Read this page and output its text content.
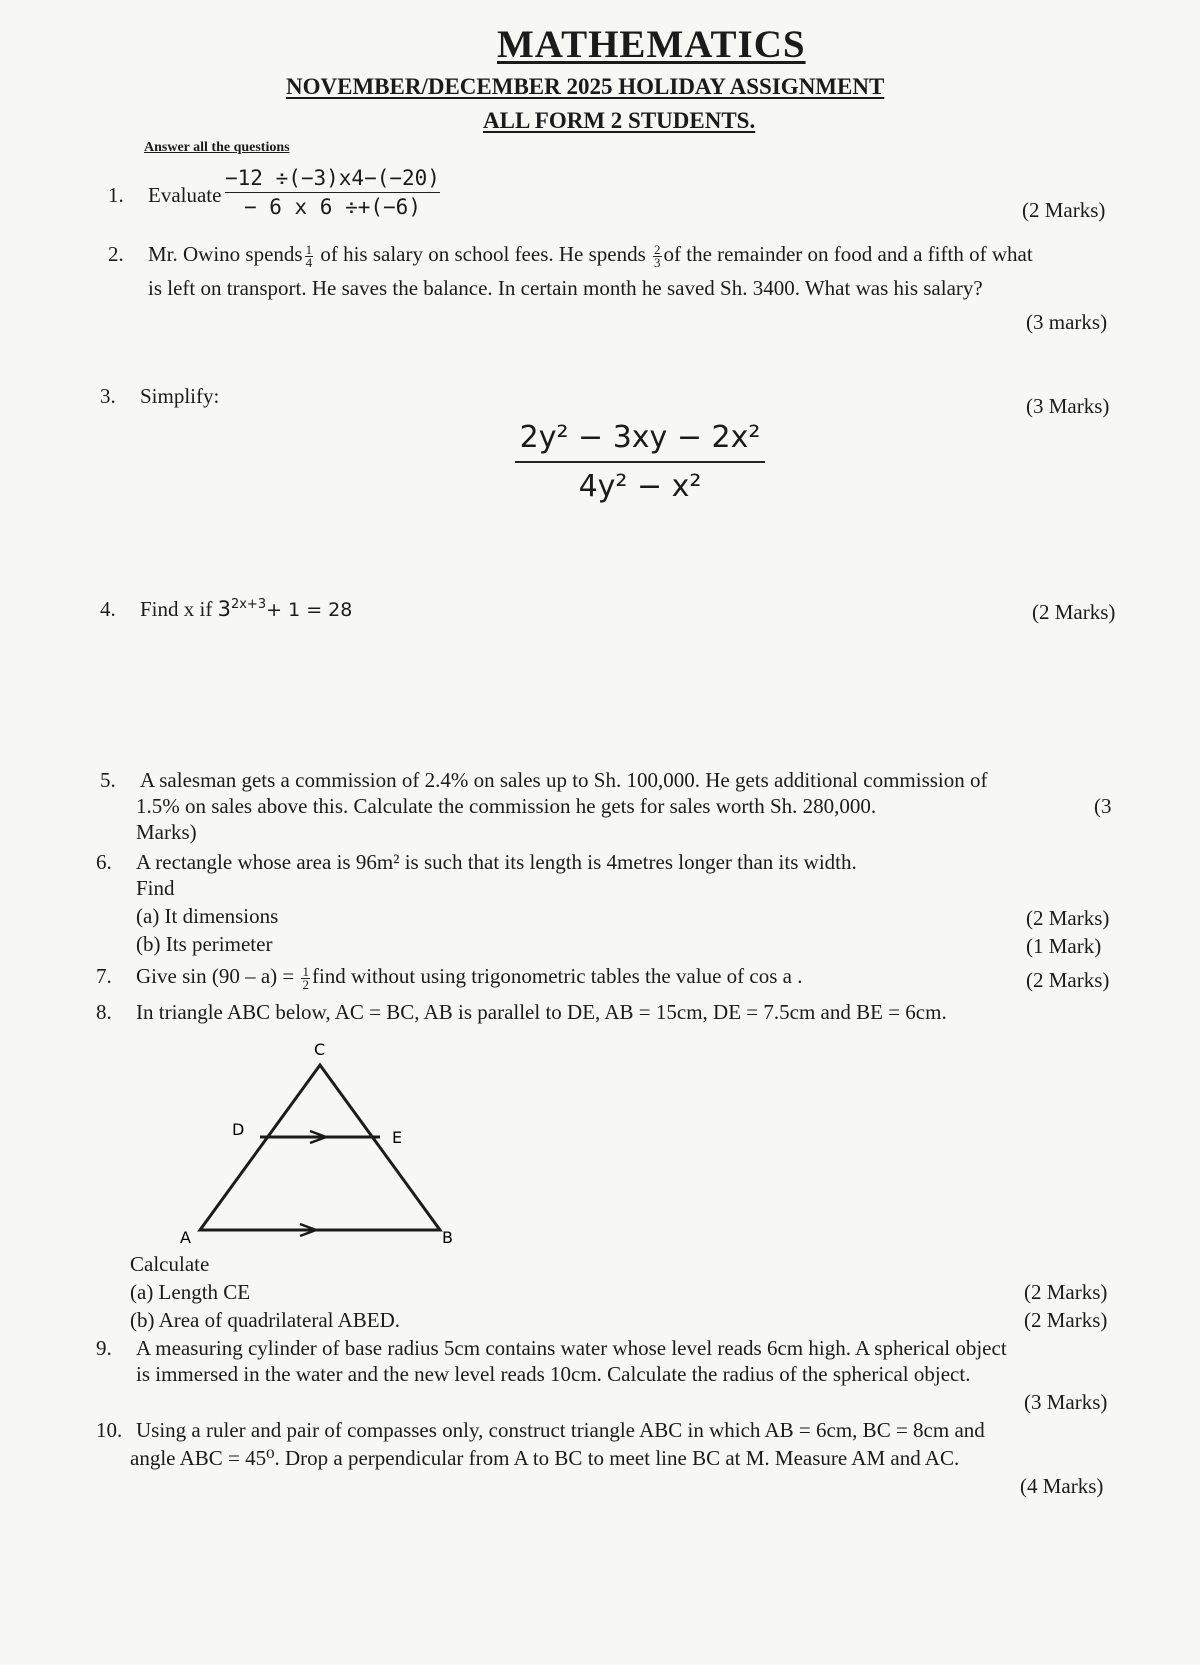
MATHEMATICS
NOVEMBER/DECEMBER 2025 HOLIDAY ASSIGNMENT
ALL FORM 2 STUDENTS.
Answer all the questions
1. Evaluate
−12 ÷(−3)x4−(−20)
− 6 x 6 ÷+(−6)	(2 Marks)
2. Mr. Owino spends $\frac{1}{4}$ of his salary on school fees. He spends $\frac{2}{3}$ of the remainder on food and a fifth of what
is left on transport. He saves the balance. In certain month he saved Sh. 3400. What was his salary?
(3 marks)
3. Simplify:	(3 Marks)
2y² − 3xy − 2x²
4y² − x²
4. Find x if $3^{2x+3}+ 1 = 28$	(2 Marks)
5. A salesman gets a commission of 2.4% on sales up to Sh. 100,000. He gets additional commission of
1.5% on sales above this. Calculate the commission he gets for sales worth Sh. 280,000.	(3
Marks)
6. A rectangle whose area is 96m² is such that its length is 4metres longer than its width.
Find
(a) It dimensions	(2 Marks)
(b) Its perimeter	(1 Mark)
7. Give $\sin (90 - a) = \frac{1}{2}$ find without using trigonometric tables the value of cos a .	(2 Marks)
8. In triangle ABC below, AC = BC, AB is parallel to DE, AB = 15cm, DE = 7.5cm and BE = 6cm.
C
D	E
A	B
Calculate
(a) Length CE	(2 Marks)
(b) Area of quadrilateral ABED.	(2 Marks)
9. A measuring cylinder of base radius 5cm contains water whose level reads 6cm high. A spherical object
is immersed in the water and the new level reads 10cm. Calculate the radius of the spherical object.
(3 Marks)
10. Using a ruler and pair of compasses only, construct triangle ABC in which AB = 6cm, BC = 8cm and
angle ABC = 45⁰. Drop a perpendicular from A to BC to meet line BC at M. Measure AM and AC.
(4 Marks)
